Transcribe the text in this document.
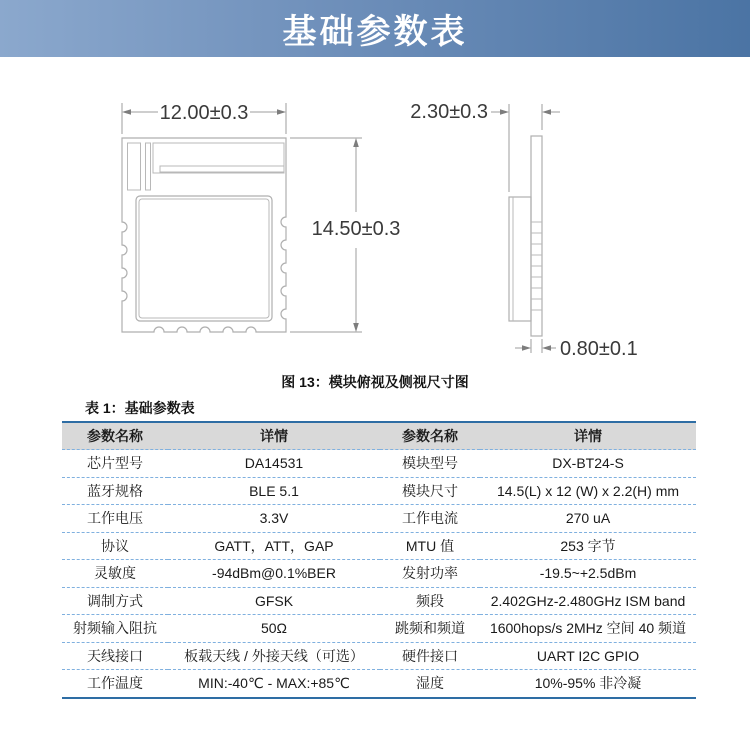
基础参数表
12.00±0.3
14.50±0.3
2.30±0.3
0.80±0.1
图 13：模块俯视及侧视尺寸图
表 1：基础参数表
参数名称	详情	参数名称	详情
芯片型号	DA14531	模块型号	DX-BT24-S
蓝牙规格	BLE 5.1	模块尺寸	14.5(L) x 12 (W) x 2.2(H) mm
工作电压	3.3V	工作电流	270 uA
协议	GATT，ATT，GAP	MTU 值	253 字节
灵敏度	-94dBm@0.1%BER	发射功率	-19.5~+2.5dBm
调制方式	GFSK	频段	2.402GHz-2.480GHz ISM band
射频输入阻抗	50Ω	跳频和频道	1600hops/s 2MHz 空间 40 频道
天线接口	板载天线 / 外接天线（可选）	硬件接口	UART I2C GPIO
工作温度	MIN:-40℃ - MAX:+85℃	湿度	10%-95% 非冷凝
